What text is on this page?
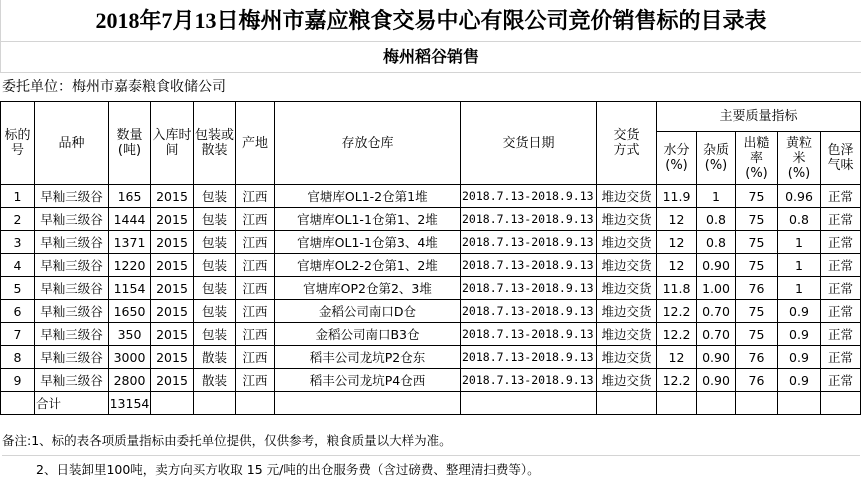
2018年7月13日梅州市嘉应粮食交易中心有限公司竞价销售标的目录表
梅州稻谷销售
委托单位：梅州市嘉泰粮食收储公司
标的号	品种	数量(吨)	入库时间	包装或散装	产地	存放仓库	交货日期	交货方式	主要质量指标				
									水分(%)	杂质(%)	出糙率(%)	黄粒米(%)	色泽气味
1	早籼三级谷	165	2015	包装	江西	官塘库OL1-2仓第1堆	2018.7.13-2018.9.13	堆边交货	11.9	1	75	0.96	正常
2	早籼三级谷	1444	2015	包装	江西	官塘库OL1-1仓第1、2堆	2018.7.13-2018.9.13	堆边交货	12	0.8	75	0.8	正常
3	早籼三级谷	1371	2015	包装	江西	官塘库OL1-1仓第3、4堆	2018.7.13-2018.9.13	堆边交货	12	0.8	75	1	正常
4	早籼三级谷	1220	2015	包装	江西	官塘库OL2-2仓第1、2堆	2018.7.13-2018.9.13	堆边交货	12	0.90	75	1	正常
5	早籼三级谷	1154	2015	包装	江西	官塘库OP2仓第2、3堆	2018.7.13-2018.9.13	堆边交货	11.8	1.00	76	1	正常
6	早籼三级谷	1650	2015	包装	江西	金稻公司南口D仓	2018.7.13-2018.9.13	堆边交货	12.2	0.70	75	0.9	正常
7	早籼三级谷	350	2015	包装	江西	金稻公司南口B3仓	2018.7.13-2018.9.13	堆边交货	12.2	0.70	75	0.9	正常
8	早籼三级谷	3000	2015	散装	江西	稻丰公司龙坑P2仓东	2018.7.13-2018.9.13	堆边交货	12	0.90	76	0.9	正常
9	早籼三级谷	2800	2015	散装	江西	稻丰公司龙坑P4仓西	2018.7.13-2018.9.13	堆边交货	12.2	0.90	76	0.9	正常
	合计	13154											
备注:1、标的表各项质量指标由委托单位提供，仅供参考，粮食质量以大样为准。
2、日装卸里100吨，卖方向买方收取 15 元/吨的出仓服务费（含过磅费、整理清扫费等）。
